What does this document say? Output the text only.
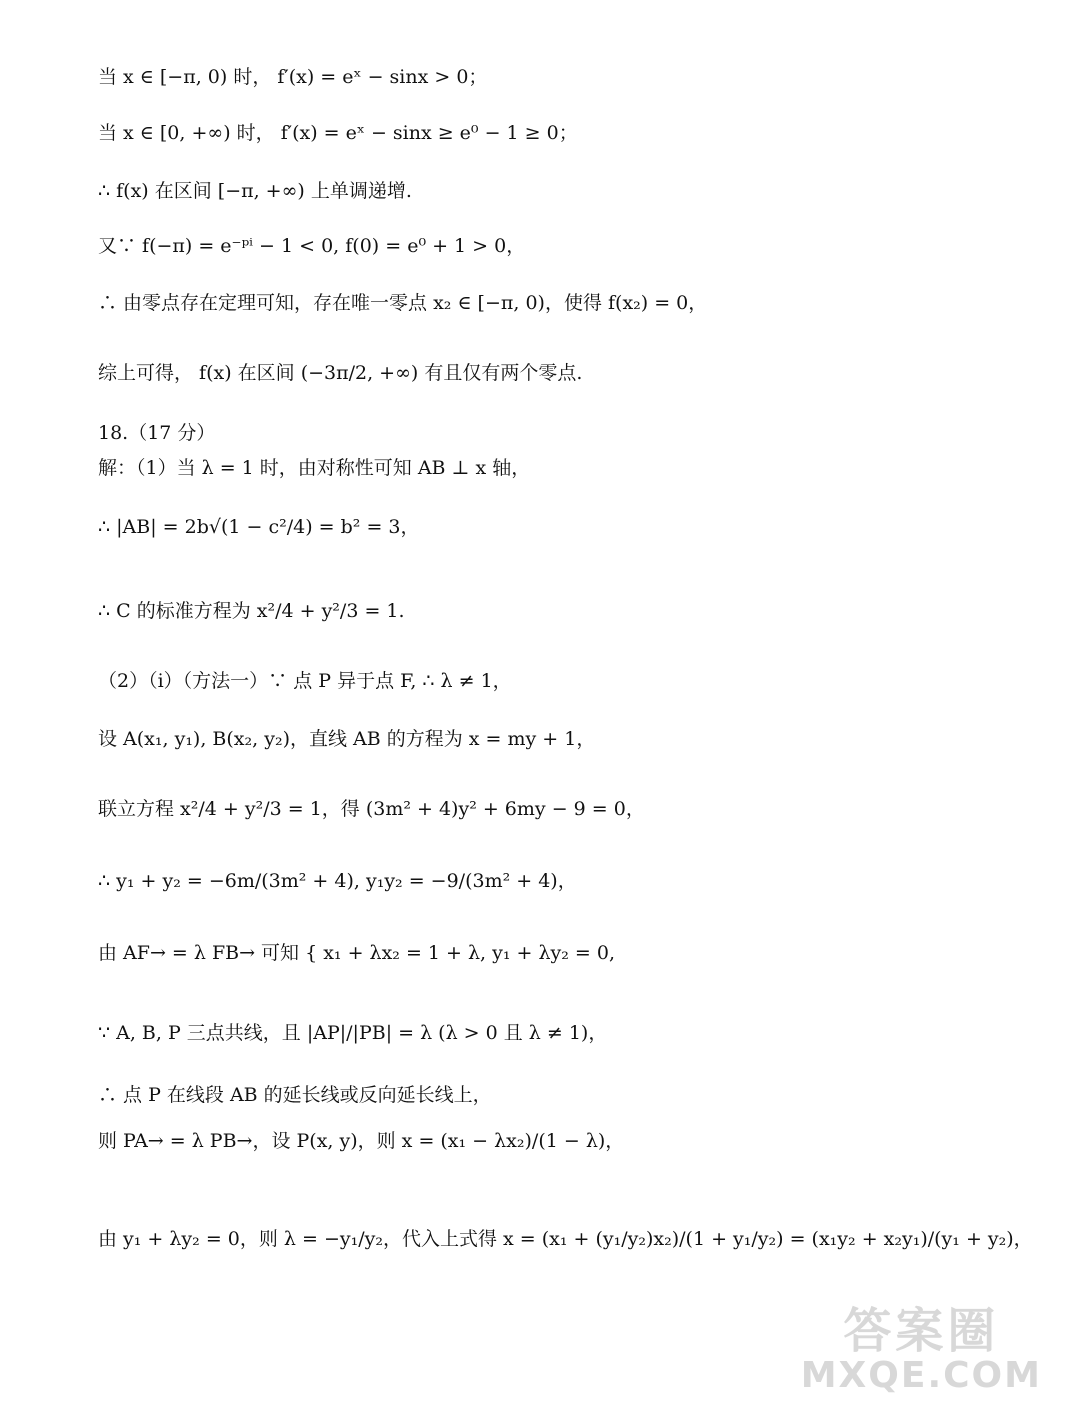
当 x ∈ [−π, 0) 时， f′(x) = eˣ − sinx > 0；
当 x ∈ [0, +∞) 时， f′(x) = eˣ − sinx ≥ e⁰ − 1 ≥ 0；
∴ f(x) 在区间 [−π, +∞) 上单调递增.
又∵ f(−π) = e⁻ᵖⁱ − 1 < 0, f(0) = e⁰ + 1 > 0，
∴ 由零点存在定理可知，存在唯一零点 x₂ ∈ [−π, 0)，使得 f(x₂) = 0，
综上可得， f(x) 在区间 (−3π/2, +∞) 有且仅有两个零点.
18.（17 分）
解：（1）当 λ = 1 时，由对称性可知 AB ⊥ x 轴，
∴ |AB| = 2b√(1 − c²/4) = b² = 3，
∴ C 的标准方程为 x²/4 + y²/3 = 1.
（2）（i）（方法一）∵ 点 P 异于点 F, ∴ λ ≠ 1，
设 A(x₁, y₁), B(x₂, y₂)，直线 AB 的方程为 x = my + 1，
联立方程 x²/4 + y²/3 = 1，得 (3m² + 4)y² + 6my − 9 = 0，
∴ y₁ + y₂ = −6m/(3m² + 4), y₁y₂ = −9/(3m² + 4)，
由 AF→ = λ FB→ 可知 { x₁ + λx₂ = 1 + λ, y₁ + λy₂ = 0,
∵ A, B, P 三点共线，且 |AP|/|PB| = λ (λ > 0 且 λ ≠ 1)，
∴ 点 P 在线段 AB 的延长线或反向延长线上，
则 PA→ = λ PB→，设 P(x, y)，则 x = (x₁ − λx₂)/(1 − λ)，
由 y₁ + λy₂ = 0，则 λ = −y₁/y₂，代入上式得 x = (x₁ + (y₁/y₂)x₂)/(1 + y₁/y₂) = (x₁y₂ + x₂y₁)/(y₁ + y₂)，
答案圈
MXQE.COM
